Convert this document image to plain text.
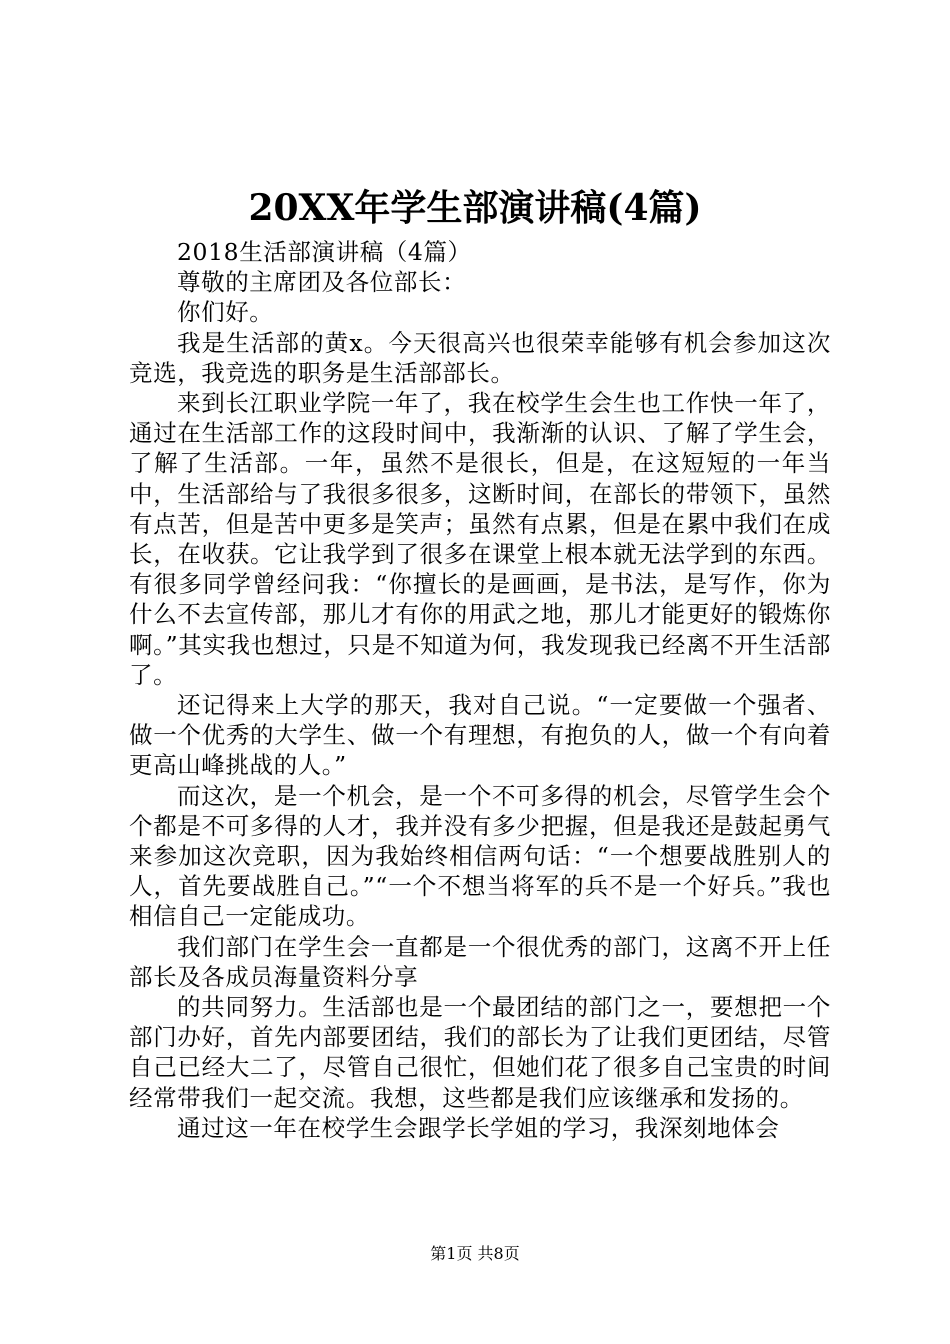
20XX年学生部演讲稿(4篇)

2018生活部演讲稿（4篇）

尊敬的主席团及各位部长：

你们好。

我是生活部的黄x。今天很高兴也很荣幸能够有机会参加这次竞选，我竞选的职务是生活部部长。

来到长江职业学院一年了，我在校学生会生也工作快一年了，通过在生活部工作的这段时间中，我渐渐的认识、了解了学生会，了解了生活部。一年，虽然不是很长，但是，在这短短的一年当中，生活部给与了我很多很多，这断时间，在部长的带领下，虽然有点苦，但是苦中更多是笑声；虽然有点累，但是在累中我们在成长，在收获。它让我学到了很多在课堂上根本就无法学到的东西。有很多同学曾经问我：“你擅长的是画画，是书法，是写作，你为什么不去宣传部，那儿才有你的用武之地，那儿才能更好的锻炼你啊。”其实我也想过，只是不知道为何，我发现我已经离不开生活部了。

还记得来上大学的那天，我对自己说。“一定要做一个强者、做一个优秀的大学生、做一个有理想，有抱负的人，做一个有向着更高山峰挑战的人。”

而这次，是一个机会，是一个不可多得的机会，尽管学生会个个都是不可多得的人才，我并没有多少把握，但是我还是鼓起勇气来参加这次竞职，因为我始终相信两句话：“一个想要战胜别人的人，首先要战胜自己。”“一个不想当将军的兵不是一个好兵。”我也相信自己一定能成功。

我们部门在学生会一直都是一个很优秀的部门，这离不开上任部长及各成员海量资料分享

的共同努力。生活部也是一个最团结的部门之一，要想把一个部门办好，首先内部要团结，我们的部长为了让我们更团结，尽管自己已经大二了，尽管自己很忙，但她们花了很多自己宝贵的时间经常带我们一起交流。我想，这些都是我们应该继承和发扬的。

通过这一年在校学生会跟学长学姐的学习，我深刻地体会

第1页 共8页
